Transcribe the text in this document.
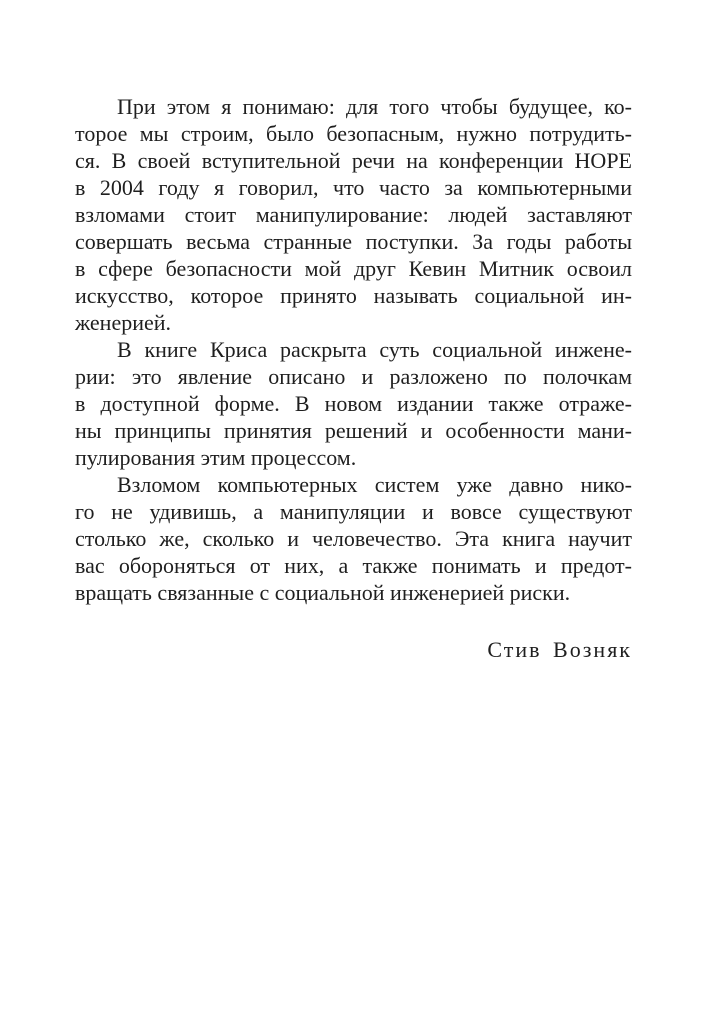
При этом я понимаю: для того чтобы будущее, ко-
торое мы строим, было безопасным, нужно потрудить-
ся. В своей вступительной речи на конференции HOPE
в 2004 году я говорил, что часто за компьютерными
взломами стоит манипулирование: людей заставляют
совершать весьма странные поступки. За годы работы
в сфере безопасности мой друг Кевин Митник освоил
искусство, которое принято называть социальной ин-
женерией.
В книге Криса раскрыта суть социальной инжене-
рии: это явление описано и разложено по полочкам
в доступной форме. В новом издании также отраже-
ны принципы принятия решений и особенности мани-
пулирования этим процессом.
Взломом компьютерных систем уже давно нико-
го не удивишь, а манипуляции и вовсе существуют
столько же, сколько и человечество. Эта книга научит
вас обороняться от них, а также понимать и предот-
вращать связанные с социальной инженерией риски.
Стив Возняк
